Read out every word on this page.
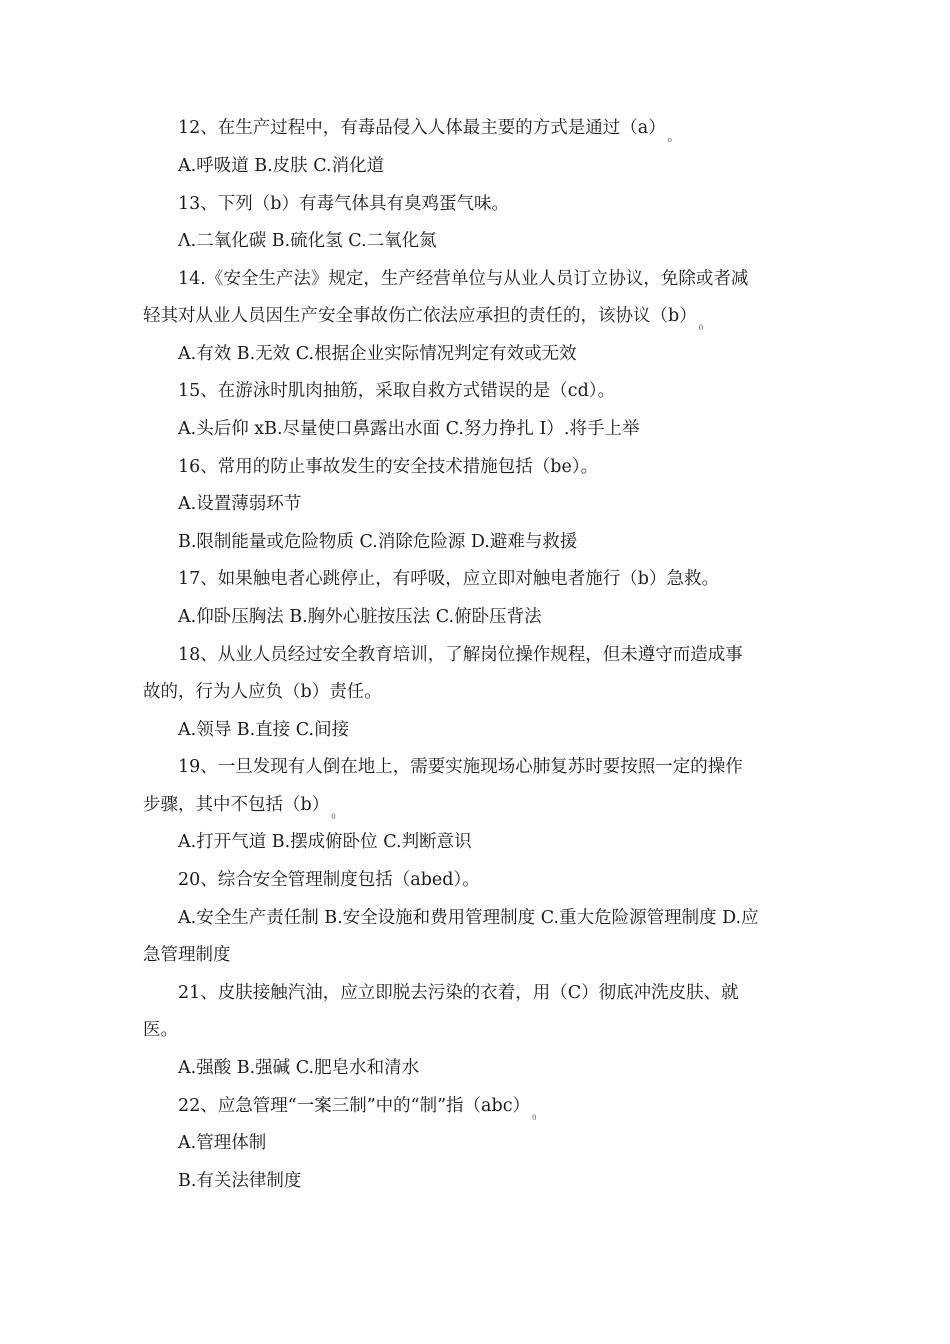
12、在生产过程中，有毒品侵入人体最主要的方式是通过$(a)_o$
A.呼吸道 B.皮肤 C.消化道
13、下列（b）有毒气体具有臭鸡蛋气味。
Λ.二氧化碳 B.硫化氢 C.二氧化氮
14.《安全生产法》规定，生产经营单位与从业人员订立协议，免除或者减
轻其对从业人员因生产安全事故伤亡依法应承担的责任的，该协议$(b)_0$
A.有效 B.无效 C.根据企业实际情况判定有效或无效
15、在游泳时肌肉抽筋，采取自救方式错误的是（cd）。
A.头后仰 xB.尽量使口鼻露出水面 C.努力挣扎 I）.将手上举
16、常用的防止事故发生的安全技术措施包括（be）。
A.设置薄弱环节
B.限制能量或危险物质 C.消除危险源 D.避难与救援
17、如果触电者心跳停止，有呼吸，应立即对触电者施行（b）急救。
A.仰卧压胸法 B.胸外心脏按压法 C.俯卧压背法
18、从业人员经过安全教育培训，了解岗位操作规程，但未遵守而造成事
故的，行为人应负（b）责任。
A.领导 B.直接 C.间接
19、一旦发现有人倒在地上，需要实施现场心肺复苏时要按照一定的操作
步骤，其中不包括$(b)_0$
A.打开气道 B.摆成俯卧位 C.判断意识
20、综合安全管理制度包括（abed）。
A.安全生产责任制 B.安全设施和费用管理制度 C.重大危险源管理制度 D.应
急管理制度
21、皮肤接触汽油，应立即脱去污染的衣着，用（C）彻底冲洗皮肤、就
医。
A.强酸 B.强碱 C.肥皂水和清水
22、应急管理“一案三制”中的“制”指$(abc)_0$
A.管理体制
B.有关法律制度
